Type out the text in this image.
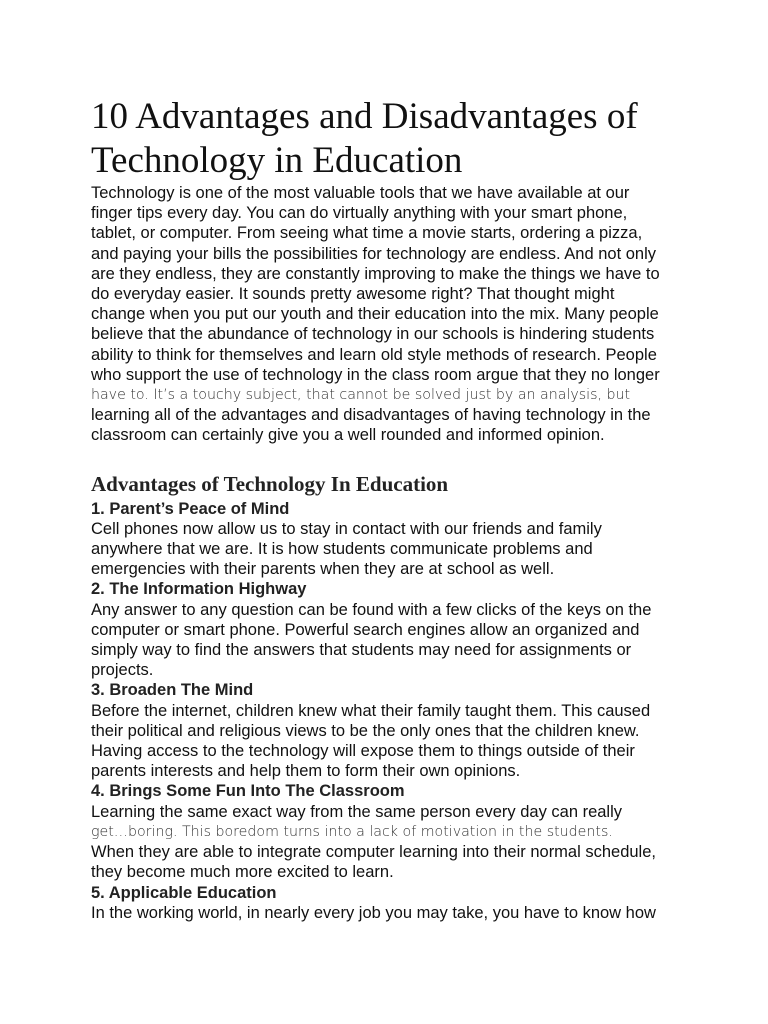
10 Advantages and Disadvantages of
Technology in Education

Technology is one of the most valuable tools that we have available at our
finger tips every day. You can do virtually anything with your smart phone,
tablet, or computer. From seeing what time a movie starts, ordering a pizza,
and paying your bills the possibilities for technology are endless. And not only
are they endless, they are constantly improving to make the things we have to
do everyday easier. It sounds pretty awesome right? That thought might
change when you put our youth and their education into the mix. Many people
believe that the abundance of technology in our schools is hindering students
ability to think for themselves and learn old style methods of research. People
who support the use of technology in the class room argue that they no longer
have to. It’s a touchy subject, that cannot be solved just by an analysis, but
learning all of the advantages and disadvantages of having technology in the
classroom can certainly give you a well rounded and informed opinion.

Advantages of Technology In Education
1. Parent’s Peace of Mind

Cell phones now allow us to stay in contact with our friends and family
anywhere that we are. It is how students communicate problems and
emergencies with their parents when they are at school as well.

2. The Information Highway

Any answer to any question can be found with a few clicks of the keys on the
computer or smart phone. Powerful search engines allow an organized and
simply way to find the answers that students may need for assignments or
projects.

3. Broaden The Mind

Before the internet, children knew what their family taught them. This caused
their political and religious views to be the only ones that the children knew.
Having access to the technology will expose them to things outside of their
parents interests and help them to form their own opinions.

4. Brings Some Fun Into The Classroom

Learning the same exact way from the same person every day can really
get…boring. This boredom turns into a lack of motivation in the students.
When they are able to integrate computer learning into their normal schedule,
they become much more excited to learn.

5. Applicable Education

In the working world, in nearly every job you may take, you have to know how
